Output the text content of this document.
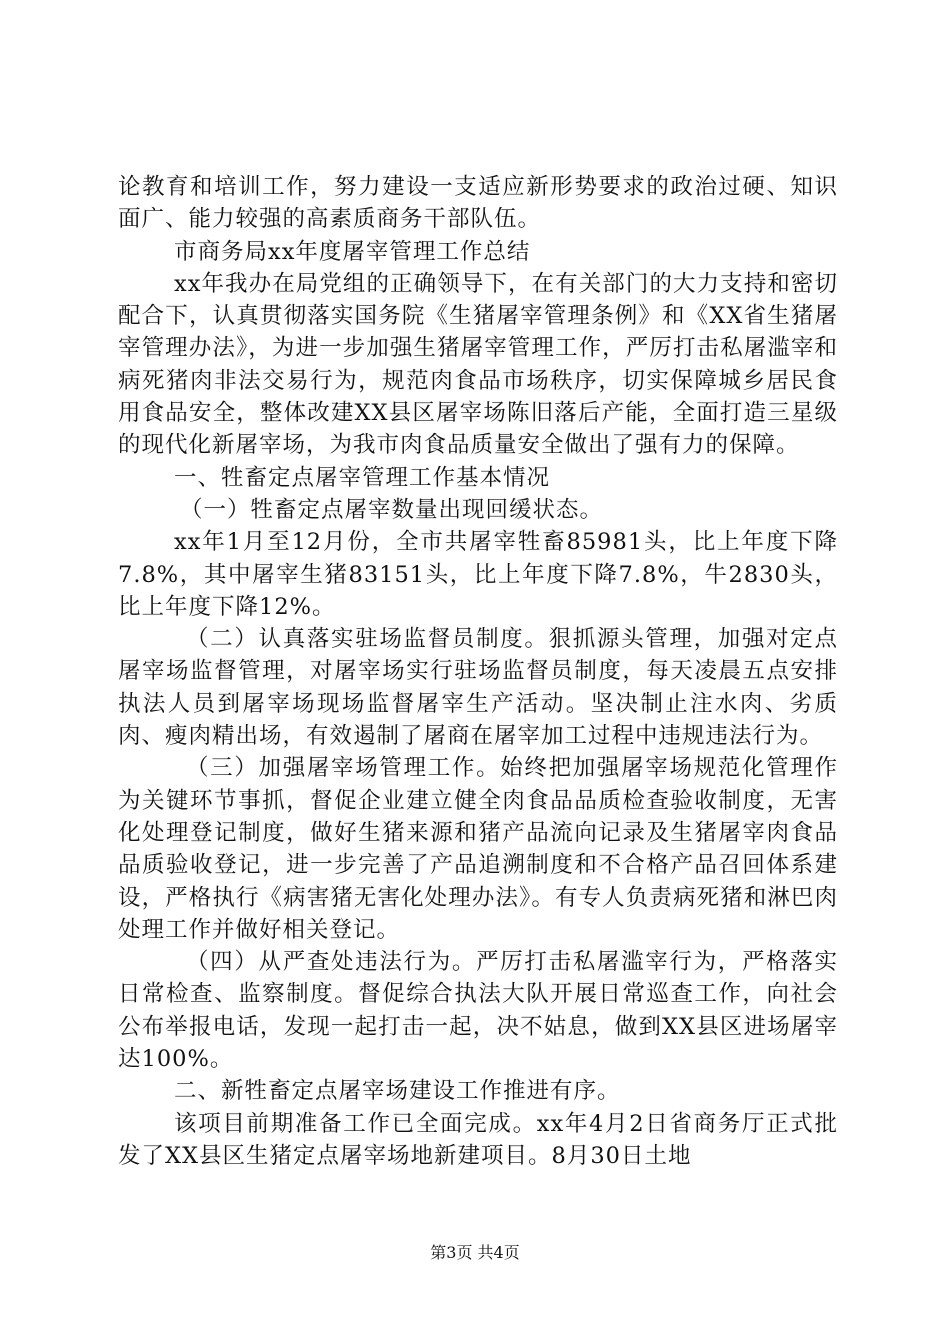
论教育和培训工作，努力建设一支适应新形势要求的政治过硬、知识面广、能力较强的高素质商务干部队伍。

市商务局xx年度屠宰管理工作总结

xx年我办在局党组的正确领导下，在有关部门的大力支持和密切配合下，认真贯彻落实国务院《生猪屠宰管理条例》和《XX省生猪屠宰管理办法》，为进一步加强生猪屠宰管理工作，严厉打击私屠滥宰和病死猪肉非法交易行为，规范肉食品市场秩序，切实保障城乡居民食用食品安全，整体改建XX县区屠宰场陈旧落后产能，全面打造三星级的现代化新屠宰场，为我市肉食品质量安全做出了强有力的保障。

一、牲畜定点屠宰管理工作基本情况

（一）牲畜定点屠宰数量出现回缓状态。

xx年1月至12月份，全市共屠宰牲畜85981头，比上年度下降7.8%，其中屠宰生猪83151头，比上年度下降7.8%，牛2830头，比上年度下降12%。

（二）认真落实驻场监督员制度。狠抓源头管理，加强对定点屠宰场监督管理，对屠宰场实行驻场监督员制度，每天凌晨五点安排执法人员到屠宰场现场监督屠宰生产活动。坚决制止注水肉、劣质肉、瘦肉精出场，有效遏制了屠商在屠宰加工过程中违规违法行为。

（三）加强屠宰场管理工作。始终把加强屠宰场规范化管理作为关键环节事抓，督促企业建立健全肉食品品质检查验收制度，无害化处理登记制度，做好生猪来源和猪产品流向记录及生猪屠宰肉食品品质验收登记，进一步完善了产品追溯制度和不合格产品召回体系建设，严格执行《病害猪无害化处理办法》。有专人负责病死猪和淋巴肉处理工作并做好相关登记。

（四）从严查处违法行为。严厉打击私屠滥宰行为，严格落实日常检查、监察制度。督促综合执法大队开展日常巡查工作，向社会公布举报电话，发现一起打击一起，决不姑息，做到XX县区进场屠宰达100%。

二、新牲畜定点屠宰场建设工作推进有序。

该项目前期准备工作已全面完成。xx年4月2日省商务厅正式批发了XX县区生猪定点屠宰场地新建项目。8月30日土地

第3页 共4页
